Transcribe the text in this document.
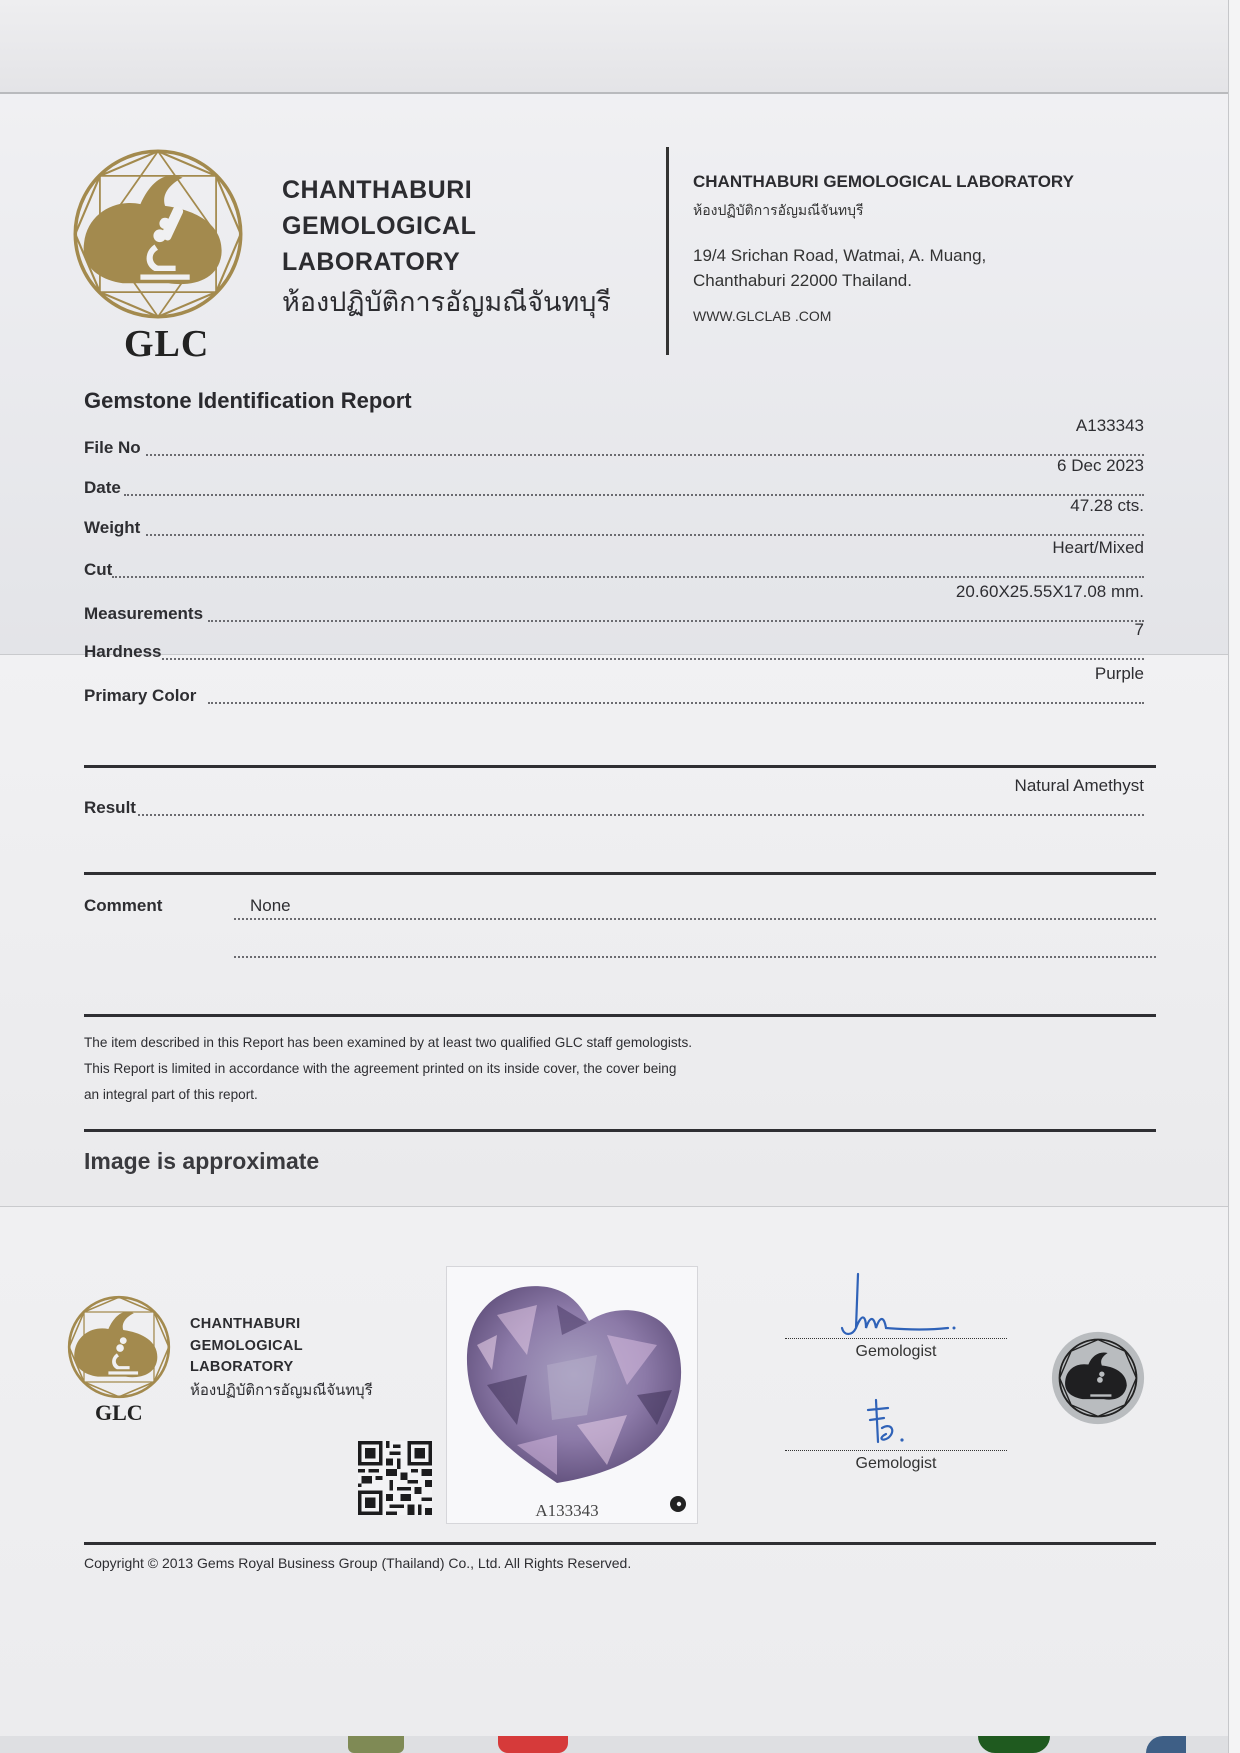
GLC
CHANTHABURI
GEMOLOGICAL
LABORATORY
ห้องปฏิบัติการอัญมณีจันทบุรี
CHANTHABURI GEMOLOGICAL LABORATORY
ห้องปฏิบัติการอัญมณีจันทบุรี
19/4 Srichan Road, Watmai, A. Muang,
Chanthaburi 22000 Thailand.
WWW.GLCLAB .COM
Gemstone Identification Report
File No
A133343
Date
6 Dec 2023
Weight
47.28 cts.
Cut
Heart/Mixed
Measurements
20.60X25.55X17.08 mm.
Hardness
7
Primary Color
Purple
Result
Natural Amethyst
Comment	None
The item described in this Report has been examined by at least two qualified GLC staff gemologists.
This Report is limited in accordance with the agreement printed on its inside cover, the cover being
an integral part of this report.
Image is approximate
GLC
CHANTHABURI
GEMOLOGICAL
LABORATORY
ห้องปฏิบัติการอัญมณีจันทบุรี
A133343
Gemologist
Gemologist
Copyright © 2013 Gems Royal Business Group (Thailand) Co., Ltd. All Rights Reserved.
